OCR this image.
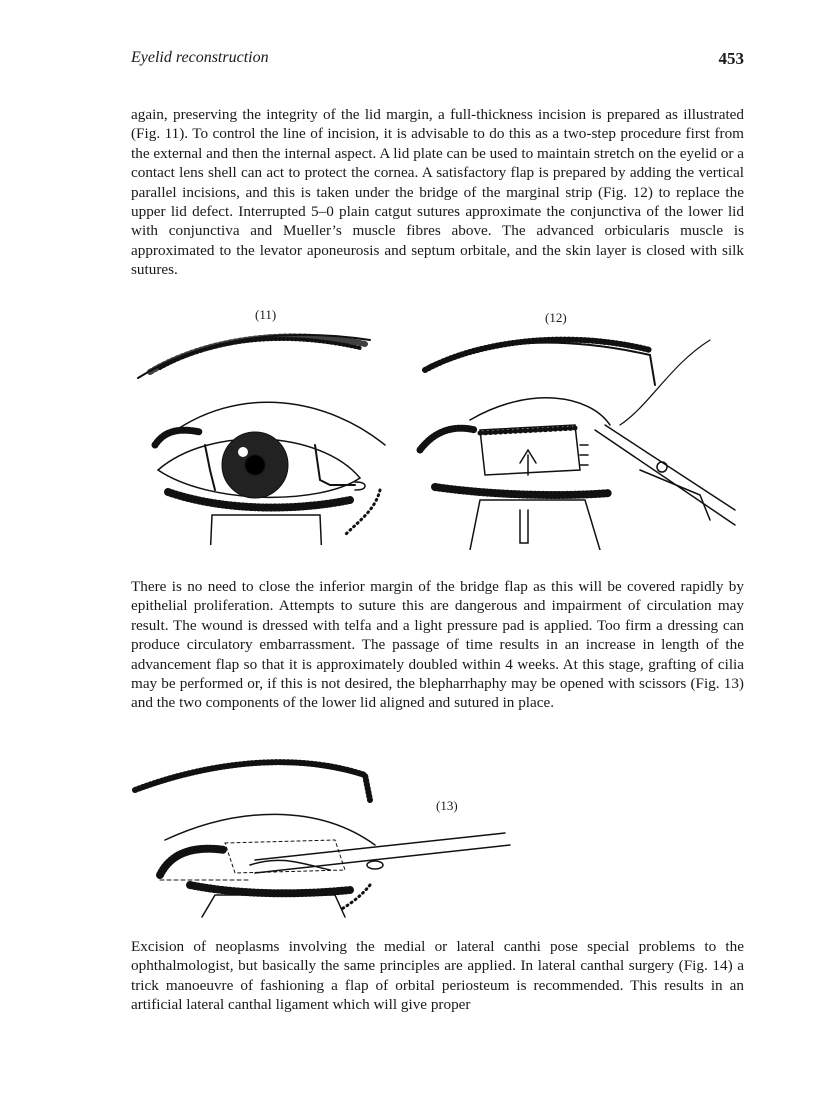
Eyelid reconstruction	453
again, preserving the integrity of the lid margin, a full-thickness incision is prepared as illustrated (Fig. 11). To control the line of incision, it is advisable to do this as a two-step procedure first from the external and then the internal aspect. A lid plate can be used to maintain stretch on the eyelid or a contact lens shell can act to protect the cornea. A satisfactory flap is prepared by adding the vertical parallel incisions, and this is taken under the bridge of the marginal strip (Fig. 12) to replace the upper lid defect. Interrupted 5–0 plain catgut sutures approximate the conjunctiva of the lower lid with conjunctiva and Mueller’s muscle fibres above. The advanced orbicularis muscle is approximated to the levator aponeurosis and septum orbitale, and the skin layer is closed with silk sutures.
(11)	(12)
There is no need to close the inferior margin of the bridge flap as this will be covered rapidly by epithelial proliferation. Attempts to suture this are dangerous and impairment of circulation may result. The wound is dressed with telfa and a light pressure pad is applied. Too firm a dressing can produce circulatory embarrassment. The passage of time results in an increase in length of the advancement flap so that it is approximately doubled within 4 weeks. At this stage, grafting of cilia may be performed or, if this is not desired, the blepharrhaphy may be opened with scissors (Fig. 13) and the two components of the lower lid aligned and sutured in place.
(13)
Excision of neoplasms involving the medial or lateral canthi pose special problems to the ophthalmologist, but basically the same principles are applied. In lateral canthal surgery (Fig. 14) a trick manoeuvre of fashioning a flap of orbital periosteum is recommended. This results in an artificial lateral canthal ligament which will give proper
